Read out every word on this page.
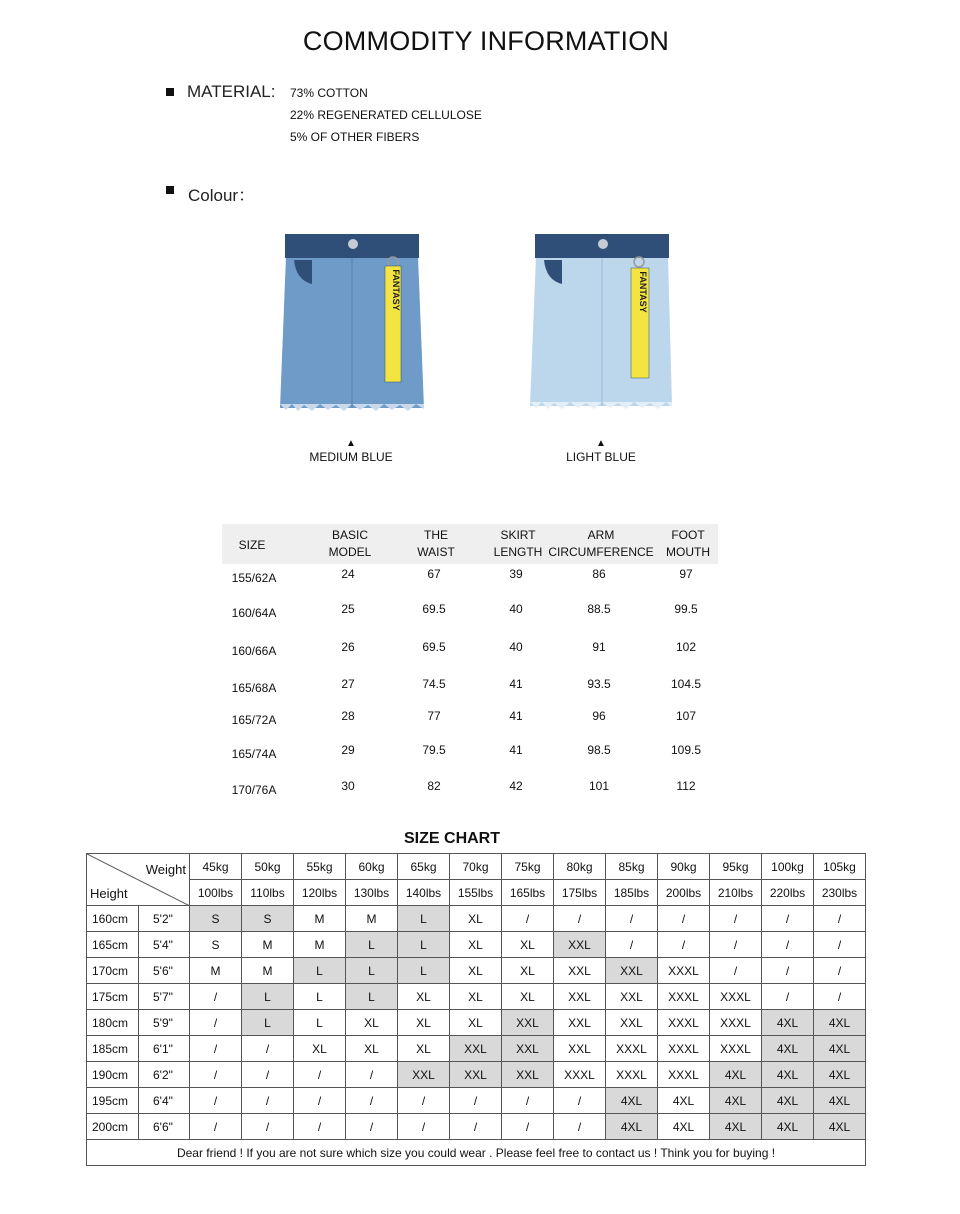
COMMODITY INFORMATION
MATERIAL: 73% COTTON
22% REGENERATED CELLULOSE
5% OF OTHER FIBERS
Colour：
FANTASY
▲
MEDIUM BLUE
FANTASY
▲
LIGHT BLUE
SIZE
BASIC
MODEL
THE
WAIST
SKIRT
LENGTH
ARM
CIRCUMFERENCE
FOOT
MOUTH
155/62A	24	67	39	86	97
160/64A	25	69.5	40	88.5	99.5
160/66A	26	69.5	40	91	102
165/68A	27	74.5	41	93.5	104.5
165/72A	28	77	41	96	107
165/74A	29	79.5	41	98.5	109.5
170/76A	30	82	42	101	112
SIZE CHART
Weight
Height		45kg	50kg	55kg	60kg	65kg	70kg	75kg	80kg	85kg	90kg	95kg	100kg	105kg
		100lbs	110lbs	120lbs	130lbs	140lbs	155lbs	165lbs	175lbs	185lbs	200lbs	210lbs	220lbs	230lbs
160cm	5'2"	S	S	M	M	L	XL	/	/	/	/	/	/	/
165cm	5'4"	S	M	M	L	L	XL	XL	XXL	/	/	/	/	/
170cm	5'6"	M	M	L	L	L	XL	XL	XXL	XXL	XXXL	/	/	/
175cm	5'7"	/	L	L	L	XL	XL	XL	XXL	XXL	XXXL	XXXL	/	/
180cm	5'9"	/	L	L	XL	XL	XL	XXL	XXL	XXL	XXXL	XXXL	4XL	4XL
185cm	6'1"	/	/	XL	XL	XL	XXL	XXL	XXL	XXXL	XXXL	XXXL	4XL	4XL
190cm	6'2"	/	/	/	/	XXL	XXL	XXL	XXXL	XXXL	XXXL	4XL	4XL	4XL
195cm	6'4"	/	/	/	/	/	/	/	/	4XL	4XL	4XL	4XL	4XL
200cm	6'6"	/	/	/	/	/	/	/	/	4XL	4XL	4XL	4XL	4XL
Dear friend ! If you are not sure which size you could wear . Please feel free to contact us ! Think you for buying !														
